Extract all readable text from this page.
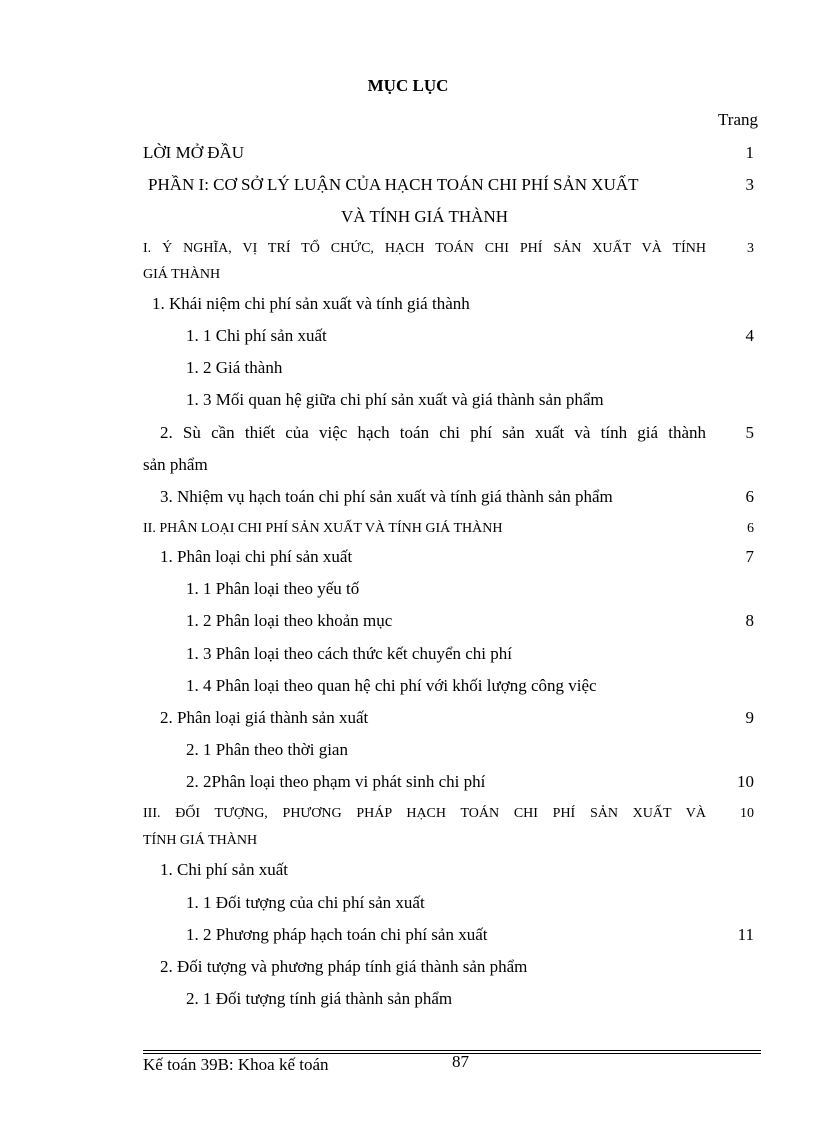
MỤC LỤC
Trang
LỜI MỞ ĐẦU	1
PHẦN I: CƠ SỞ LÝ LUẬN CỦA HẠCH TOÁN CHI PHÍ SẢN XUẤT	3
VÀ TÍNH GIÁ THÀNH
I. Ý NGHĨA, VỊ TRÍ TỔ CHỨC, HẠCH TOÁN CHI PHÍ SẢN XUẤT VÀ TÍNH	3
GIÁ THÀNH
1. Khái niệm chi phí sản xuất và tính giá thành
1. 1 Chi phí sản xuất	4
1. 2 Giá thành
1. 3 Mối quan hệ giữa chi phí sản xuất và giá thành sản phẩm
2. Sù cần thiết của việc hạch toán chi phí sản xuất và tính giá thành 5
sản phẩm
3. Nhiệm vụ hạch toán chi phí sản xuất và tính giá thành sản phẩm	6
II. PHÂN LOẠI CHI PHÍ SẢN XUẤT VÀ TÍNH GIÁ THÀNH	6
1. Phân loại chi phí sản xuất	7
1. 1 Phân loại theo yếu tố
1. 2 Phân loại theo khoản mục	8
1. 3 Phân loại theo cách thức kết chuyển chi phí
1. 4 Phân loại theo quan hệ chi phí với khối lượng công việc
2. Phân loại giá thành sản xuất	9
2. 1 Phân theo thời gian
2. 2Phân loại theo phạm vi phát sinh chi phí	10
III. ĐỐI TƯỢNG, PHƯƠNG PHÁP HẠCH TOÁN CHI PHÍ SẢN XUẤT VÀ 10
TÍNH GIÁ THÀNH
1. Chi phí sản xuất
1. 1 Đối tượng của chi phí sản xuất
1. 2 Phương pháp hạch toán chi phí sản xuất	11
2. Đối tượng và phương pháp tính giá thành sản phẩm
2. 1 Đối tượng tính giá thành sản phẩm
Kế toán 39B: Khoa kế toán	87
